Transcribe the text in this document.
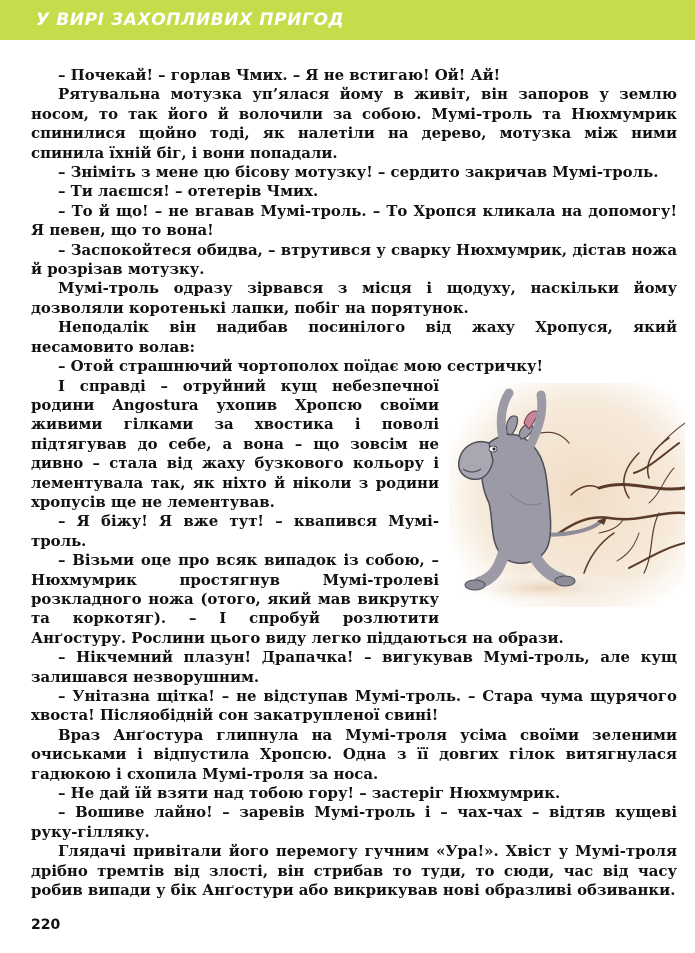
У ВИРІ ЗАХОПЛИВИХ ПРИГОД

– Почекай! – горлав Чмих. – Я не встигаю! Ой! Ай!

Рятувальна мотузка уп’ялася йому в живіт, він запоров у землю носом, то так його й волочили за собою. Мумі-троль та Нюхмумрик спинилися щойно тоді, як налетіли на дерево, мотузка між ними спинила їхній біг, і вони попадали.

– Зніміть з мене цю бісову мотузку! – сердито закричав Мумі-троль.

– Ти лаєшся! – отетерів Чмих.

– То й що! – не вгавав Мумі-троль. – То Хропся кликала на допомогу! Я певен, що то вона!

– Заспокойтеся обидва, – втрутився у сварку Нюхмумрик, дістав ножа й розрізав мотузку.

Мумі-троль одразу зірвався з місця і щодуху, наскільки йому дозволяли коротенькі лапки, побіг на порятунок.

Неподалік він надибав посинілого від жаху Хропуся, який несамовито волав:

– Отой страшнючий чортополох поїдає мою сестричку!

І справді – отруйний кущ небезпечної родини Angostura ухопив Хропсю своїми живими гілками за хвостика і поволі підтягував до себе, а вона – що зовсім не дивно – стала від жаху бузкового кольору і лементувала так, як ніхто й ніколи з родини хропусів ще не лементував.

– Я біжу! Я вже тут! – квапився Мумі-троль.

– Візьми оце про всяк випадок із собою, – Нюхмумрик простягнув Мумі-тролеві розкладного ножа (отого, який мав викрутку та коркотяг). – І спробуй розлютити Анґостуру. Рослини цього виду легко піддаються на образи.

– Нікчемний плазун! Драпачка! – вигукував Мумі-троль, але кущ залишався незворушним.

– Унітазна щітка! – не відступав Мумі-троль. – Стара чума щурячого хвоста! Післяобідній сон закатрупленої свині!

Враз Анґостура глипнула на Мумі-троля усіма своїми зеленими очиськами і відпустила Хропсю. Одна з її довгих гілок витягнулася гадюкою і схопила Мумі-троля за носа.

– Не дай їй взяти над тобою гору! – застеріг Нюхмумрик.

– Вошиве лайно! – заревів Мумі-троль і – чах-чах – відтяв кущеві руку-гілляку.

Глядачі привітали його перемогу гучним «Ура!». Хвіст у Мумі-троля дрібно тремтів від злості, він стрибав то туди, то сюди, час від часу робив випади у бік Анґостури або викрикував нові образливі обзиванки.

220
